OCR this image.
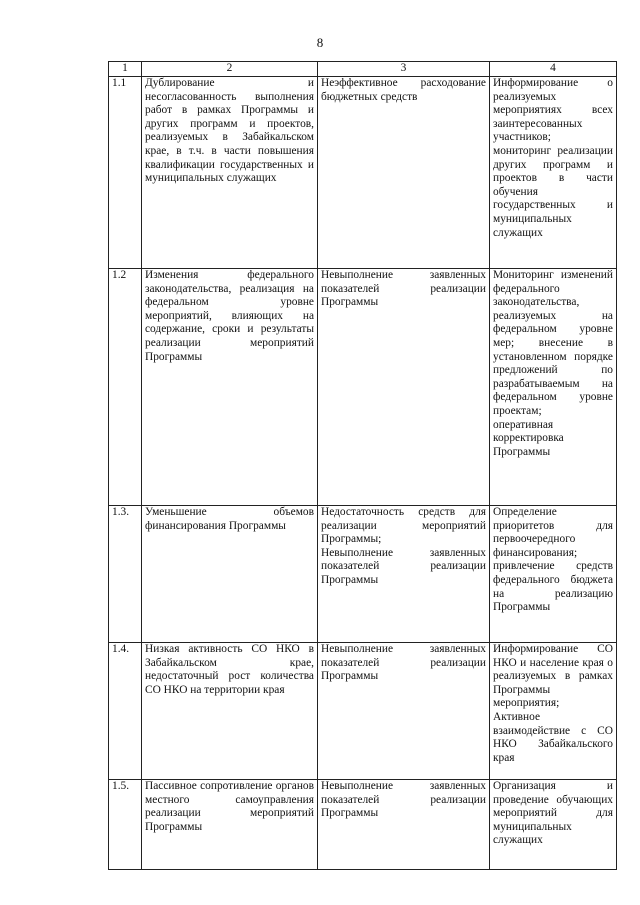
8
1	2	3	4
1.1	Дублирование и несогласованность выполнения работ в рамках Программы и других программ и проектов, реализуемых в Забайкальском крае, в т.ч. в части повышения квалификации государственных и муниципальных служащих	Неэффективное расходование бюджетных средств	Информирование о реализуемых мероприятиях всех заинтересованных участников;
мониторинг реализации других программ и проектов в части обучения государственных и муниципальных служащих

1.2	Изменения федерального законодательства, реализация на федеральном уровне мероприятий, влияющих на содержание, сроки и результаты реализации мероприятий Программы	Невыполнение заявленных показателей реализации Программы	Мониторинг изменений федерального законодательства, реализуемых на федеральном уровне мер; внесение в установленном порядке предложений по разрабатываемым на федеральном уровне проектам;
оперативная корректировка Программы

1.3.	Уменьшение объемов финансирования Программы	Недостаточность средств для реализации мероприятий Программы;
Невыполнение заявленных показателей реализации Программы	Определение приоритетов для первоочередного финансирования;
привлечение средств федерального бюджета на реализацию Программы

1.4.	Низкая активность СО НКО в Забайкальском крае, недостаточный рост количества СО НКО на территории края	Невыполнение заявленных показателей реализации Программы	Информирование СО НКО и население края о реализуемых в рамках Программы мероприятия;
Активное взаимодействие с СО НКО Забайкальского края

1.5.	Пассивное сопротивление органов местного самоуправления реализации мероприятий Программы	Невыполнение заявленных показателей реализации Программы	Организация и проведение обучающих мероприятий для муниципальных служащих
